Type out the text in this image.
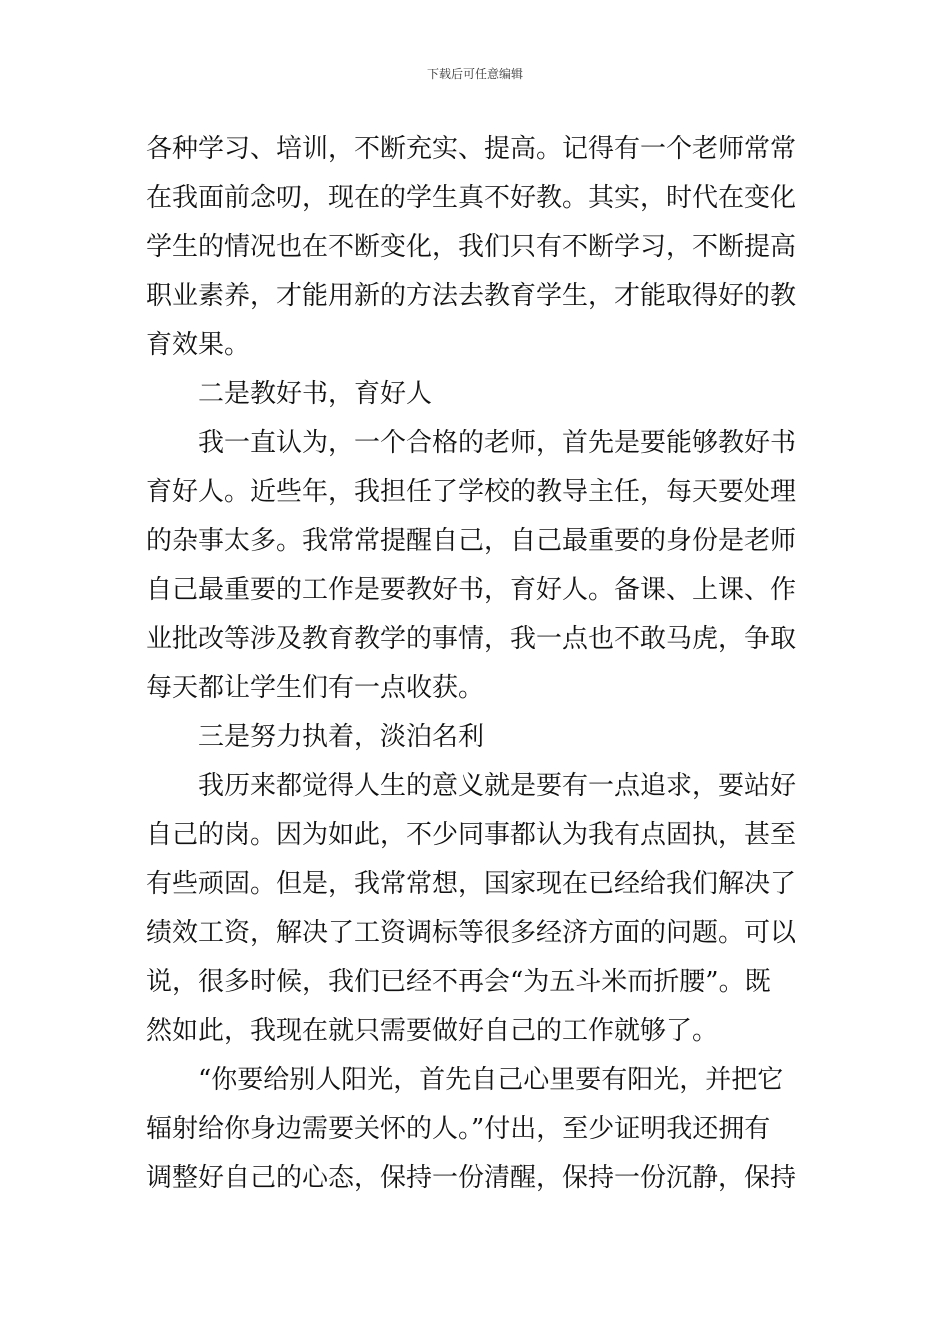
下载后可任意编辑

各种学习、培训，不断充实、提高。记得有一个老师常常
在我面前念叨，现在的学生真不好教。其实，时代在变化
学生的情况也在不断变化，我们只有不断学习，不断提高
职业素养，才能用新的方法去教育学生，才能取得好的教
育效果。

二是教好书，育好人

我一直认为，一个合格的老师，首先是要能够教好书
育好人。近些年，我担任了学校的教导主任，每天要处理
的杂事太多。我常常提醒自己，自己最重要的身份是老师
自己最重要的工作是要教好书，育好人。备课、上课、作
业批改等涉及教育教学的事情，我一点也不敢马虎，争取
每天都让学生们有一点收获。

三是努力执着，淡泊名利

我历来都觉得人生的意义就是要有一点追求，要站好
自己的岗。因为如此，不少同事都认为我有点固执，甚至
有些顽固。但是，我常常想，国家现在已经给我们解决了
绩效工资，解决了工资调标等很多经济方面的问题。可以
说，很多时候，我们已经不再会“为五斗米而折腰”。既
然如此，我现在就只需要做好自己的工作就够了。

“你要给别人阳光，首先自己心里要有阳光，并把它
辐射给你身边需要关怀的人。”付出，至少证明我还拥有
调整好自己的心态，保持一份清醒，保持一份沉静，保持
